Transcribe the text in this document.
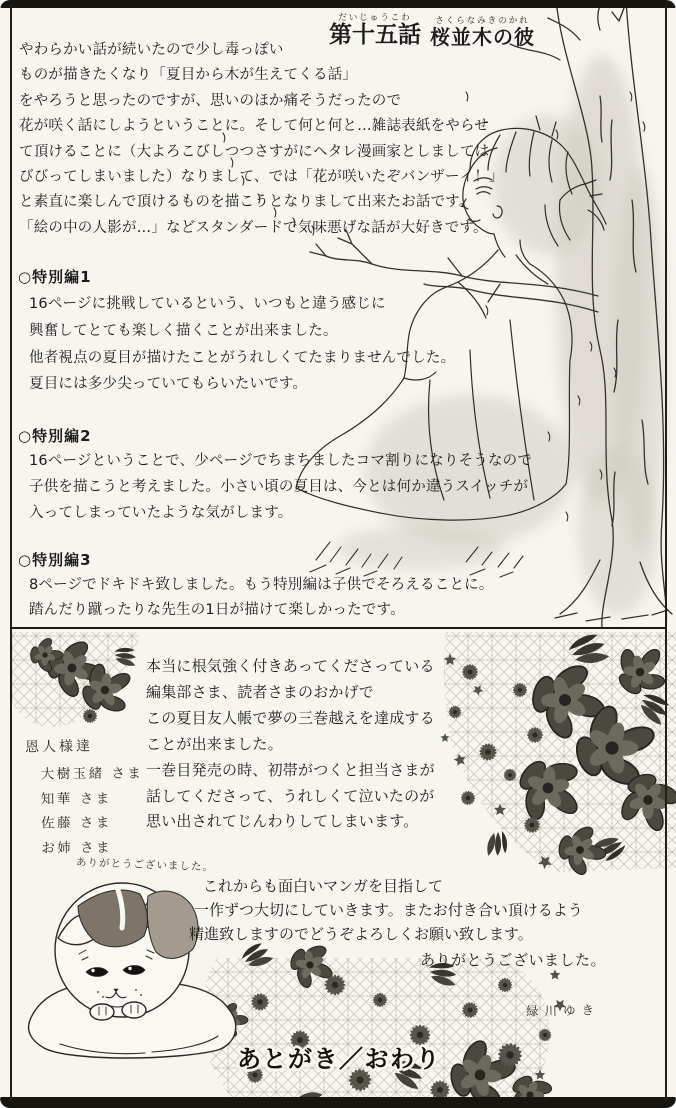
だいじゅうこわ
第十五話
さくらなみきのかれ
桜並木の彼
やわらかい話が続いたので少し毒っぽい
ものが描きたくなり「夏目から木が生えてくる話」
をやろうと思ったのですが、思いのほか痛そうだったので
花が咲く話にしようということに。そして何と何と…雑誌表紙をやらせ
て頂けることに（大よろこびしつつさすがにヘタレ漫画家としましては
びびってしまいました）なりまして、では「花が咲いたぞバンザーイ！」
と素直に楽しんで頂けるものを描こうとなりまして出来たお話です。
「絵の中の人影が…」などスタンダードで気味悪げな話が大好きです。
○特別編1
16ページに挑戦しているという、いつもと違う感じに
興奮してとても楽しく描くことが出来ました。
他者視点の夏目が描けたことがうれしくてたまりませんでした。
夏目には多少尖っていてもらいたいです。
○特別編2
16ページということで、少ページでちまちましたコマ割りになりそうなので
子供を描こうと考えました。小さい頃の夏目は、今とは何か違うスイッチが
入ってしまっていたような気がします。
○特別編3
8ページでドキドキ致しました。もう特別編は子供でそろえることに。
踏んだり蹴ったりな先生の1日が描けて楽しかったです。
本当に根気強く付きあってくださっている
編集部さま、読者さまのおかげで
この夏目友人帳で夢の三巻越えを達成する
ことが出来ました。
一巻目発売の時、初帯がつくと担当さまが
話してくださって、うれしくて泣いたのが
思い出されてじんわりしてしまいます。
恩人様達
大樹玉緒 さま
知華 さま
佐藤 さま
お姉 さま
ありがとうございました。
これからも面白いマンガを目指して
一作ずつ大切にしていきます。またお付き合い頂けるよう
精進致しますのでどうぞよろしくお願い致します。
ありがとうございました。
緑川ゆき
あとがき／おわり
